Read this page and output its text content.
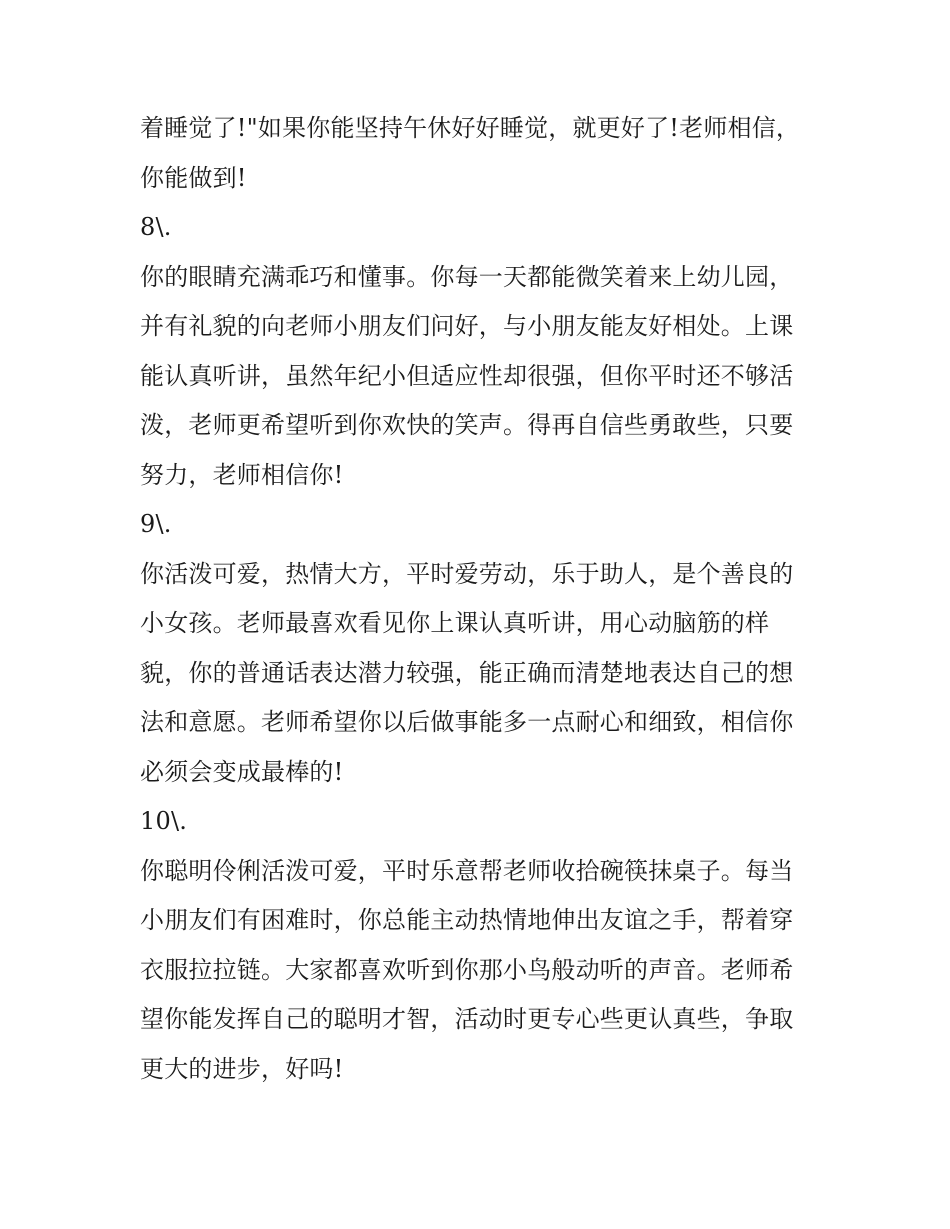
着睡觉了!"如果你能坚持午休好好睡觉，就更好了!老师相信，
你能做到!
8\.
你的眼睛充满乖巧和懂事。你每一天都能微笑着来上幼儿园，
并有礼貌的向老师小朋友们问好，与小朋友能友好相处。上课
能认真听讲，虽然年纪小但适应性却很强，但你平时还不够活
泼，老师更希望听到你欢快的笑声。得再自信些勇敢些，只要
努力，老师相信你!
9\.
你活泼可爱，热情大方，平时爱劳动，乐于助人，是个善良的
小女孩。老师最喜欢看见你上课认真听讲，用心动脑筋的样
貌，你的普通话表达潜力较强，能正确而清楚地表达自己的想
法和意愿。老师希望你以后做事能多一点耐心和细致，相信你
必须会变成最棒的!
10\.
你聪明伶俐活泼可爱，平时乐意帮老师收拾碗筷抹桌子。每当
小朋友们有困难时，你总能主动热情地伸出友谊之手，帮着穿
衣服拉拉链。大家都喜欢听到你那小鸟般动听的声音。老师希
望你能发挥自己的聪明才智，活动时更专心些更认真些，争取
更大的进步，好吗!
